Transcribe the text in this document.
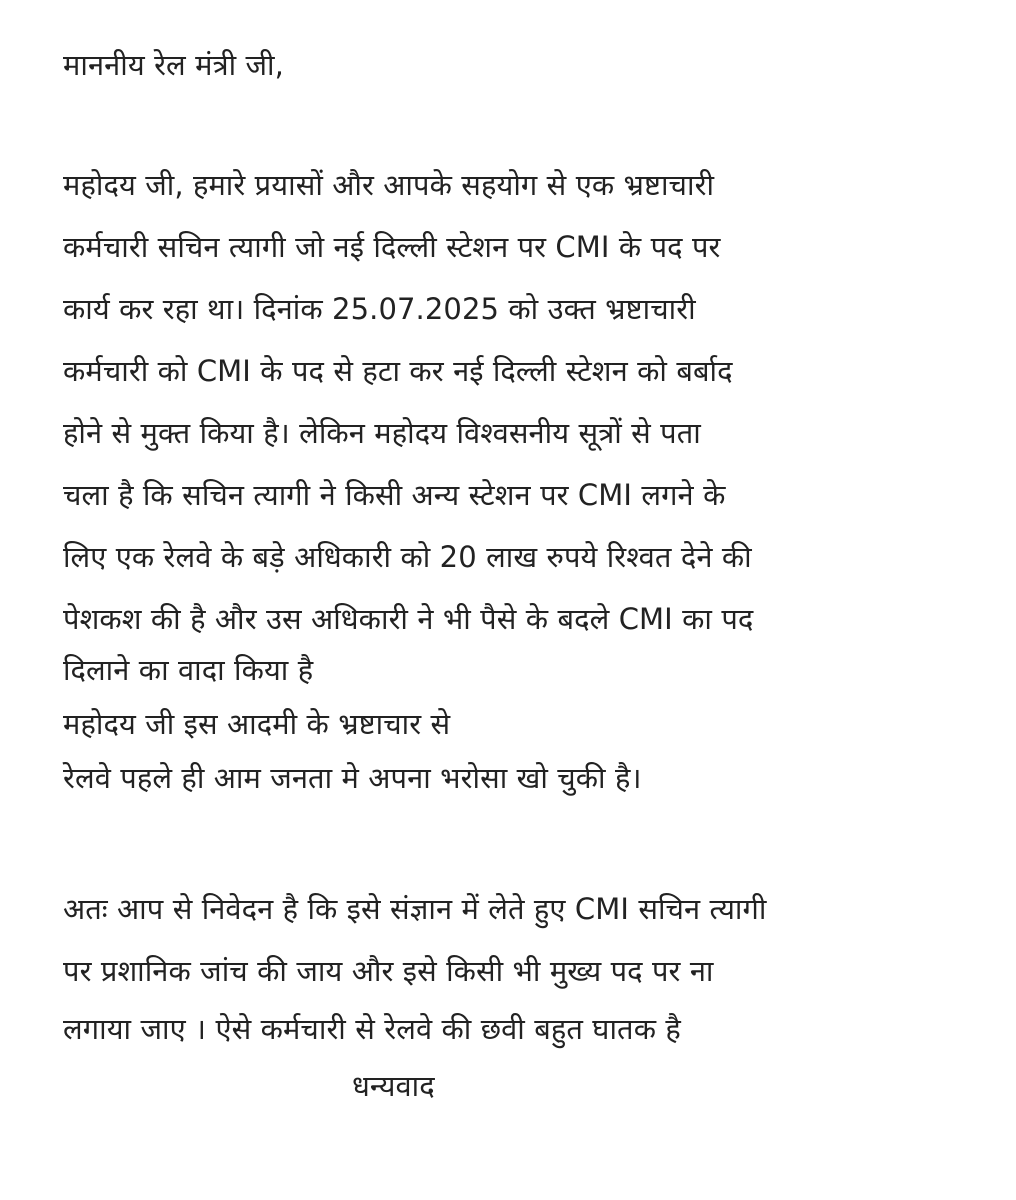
माननीय रेल मंत्री जी,

महोदय जी, हमारे प्रयासों और आपके सहयोग से एक भ्रष्टाचारी

कर्मचारी सचिन त्यागी जो नई दिल्ली स्टेशन पर CMI के पद पर

कार्य कर रहा था। दिनांक 25.07.2025 को उक्त भ्रष्टाचारी

कर्मचारी को CMI के पद से हटा कर नई दिल्ली स्टेशन को बर्बाद

होने से मुक्त किया है। लेकिन महोदय विश्वसनीय सूत्रों से पता

चला है कि सचिन त्यागी ने किसी अन्य स्टेशन पर CMI लगने के

लिए एक रेलवे के बड़े अधिकारी को 20 लाख रुपये रिश्वत देने की

पेशकश की है और उस अधिकारी ने भी पैसे के बदले CMI का पद

दिलाने का वादा किया है

महोदय जी इस आदमी के भ्रष्टाचार से

रेलवे पहले ही आम जनता मे अपना भरोसा खो चुकी है।

अतः आप से निवेदन है कि इसे संज्ञान में लेते हुए CMI सचिन त्यागी

पर प्रशानिक जांच की जाय और इसे किसी भी मुख्य पद पर ना

लगाया जाए । ऐसे कर्मचारी से रेलवे की छवी बहुत घातक है

धन्यवाद
